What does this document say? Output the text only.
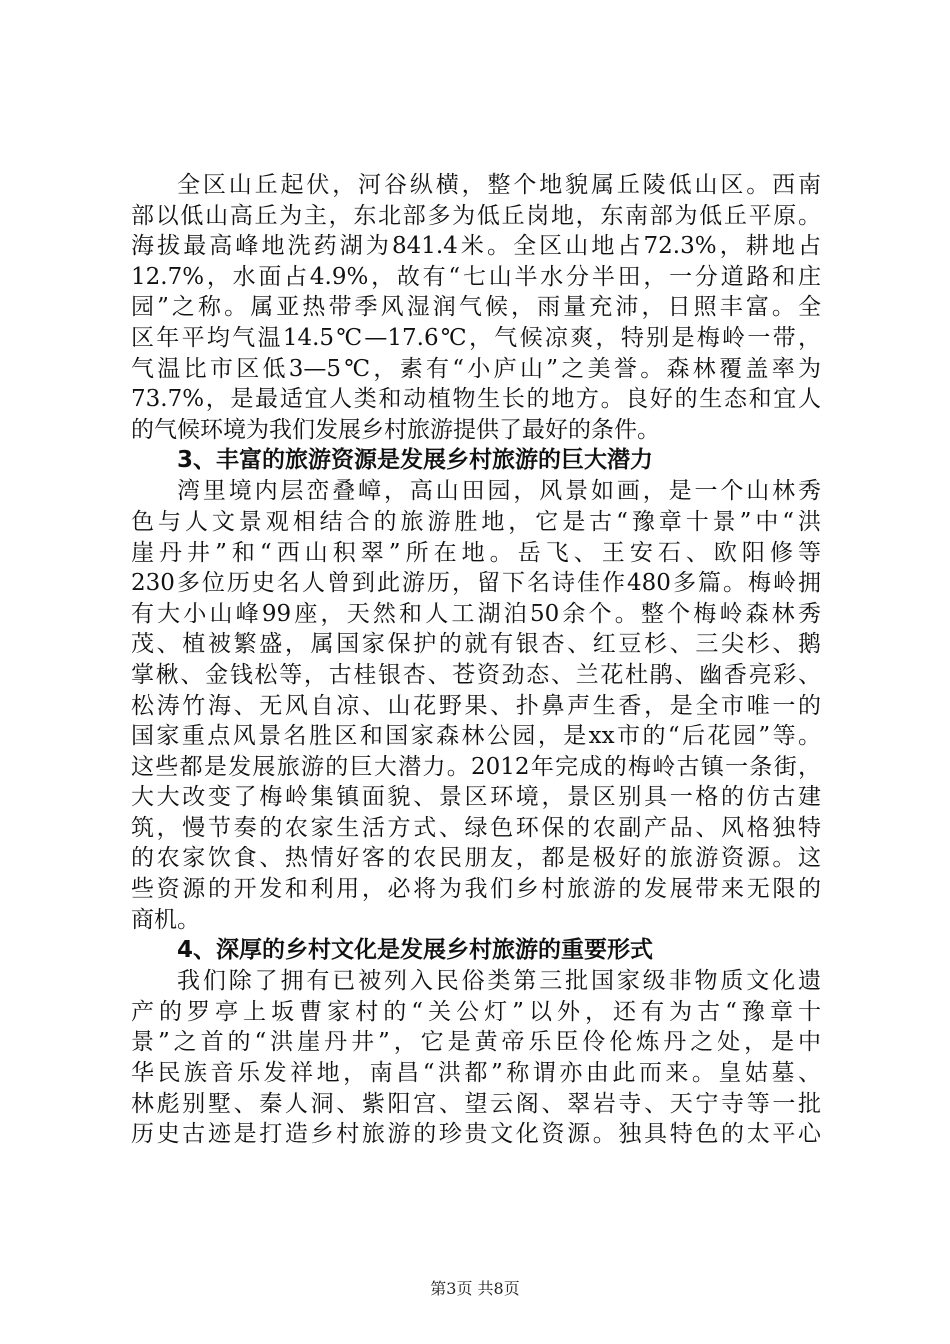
全区山丘起伏，河谷纵横，整个地貌属丘陵低山区。西南
部以低山高丘为主，东北部多为低丘岗地，东南部为低丘平原。
海拔最高峰地洗药湖为841.4米。全区山地占72.3%，耕地占
12.7%，水面占4.9%，故有“七山半水分半田，一分道路和庄
园”之称。属亚热带季风湿润气候，雨量充沛，日照丰富。全
区年平均气温14.5℃—17.6℃，气候凉爽，特别是梅岭一带，
气温比市区低3—5℃，素有“小庐山”之美誉。森林覆盖率为
73.7%，是最适宜人类和动植物生长的地方。良好的生态和宜人
的气候环境为我们发展乡村旅游提供了最好的条件。
3、丰富的旅游资源是发展乡村旅游的巨大潜力
湾里境内层峦叠嶂，高山田园，风景如画，是一个山林秀
色与人文景观相结合的旅游胜地，它是古“豫章十景”中“洪
崖丹井”和“西山积翠”所在地。岳飞、王安石、欧阳修等
230多位历史名人曾到此游历，留下名诗佳作480多篇。梅岭拥
有大小山峰99座，天然和人工湖泊50余个。整个梅岭森林秀
茂、植被繁盛，属国家保护的就有银杏、红豆杉、三尖杉、鹅
掌楸、金钱松等，古桂银杏、苍资劲态、兰花杜鹃、幽香亮彩、
松涛竹海、无风自凉、山花野果、扑鼻声生香，是全市唯一的
国家重点风景名胜区和国家森林公园，是xx市的“后花园”等。
这些都是发展旅游的巨大潜力。2012年完成的梅岭古镇一条街，
大大改变了梅岭集镇面貌、景区环境，景区别具一格的仿古建
筑，慢节奏的农家生活方式、绿色环保的农副产品、风格独特
的农家饮食、热情好客的农民朋友，都是极好的旅游资源。这
些资源的开发和利用，必将为我们乡村旅游的发展带来无限的
商机。
4、深厚的乡村文化是发展乡村旅游的重要形式
我们除了拥有已被列入民俗类第三批国家级非物质文化遗
产的罗亭上坂曹家村的“关公灯”以外，还有为古“豫章十
景”之首的“洪崖丹井”，它是黄帝乐臣伶伦炼丹之处，是中
华民族音乐发祥地，南昌“洪都”称谓亦由此而来。皇姑墓、
林彪别墅、秦人洞、紫阳宫、望云阁、翠岩寺、天宁寺等一批
历史古迹是打造乡村旅游的珍贵文化资源。独具特色的太平心
第3页 共8页
